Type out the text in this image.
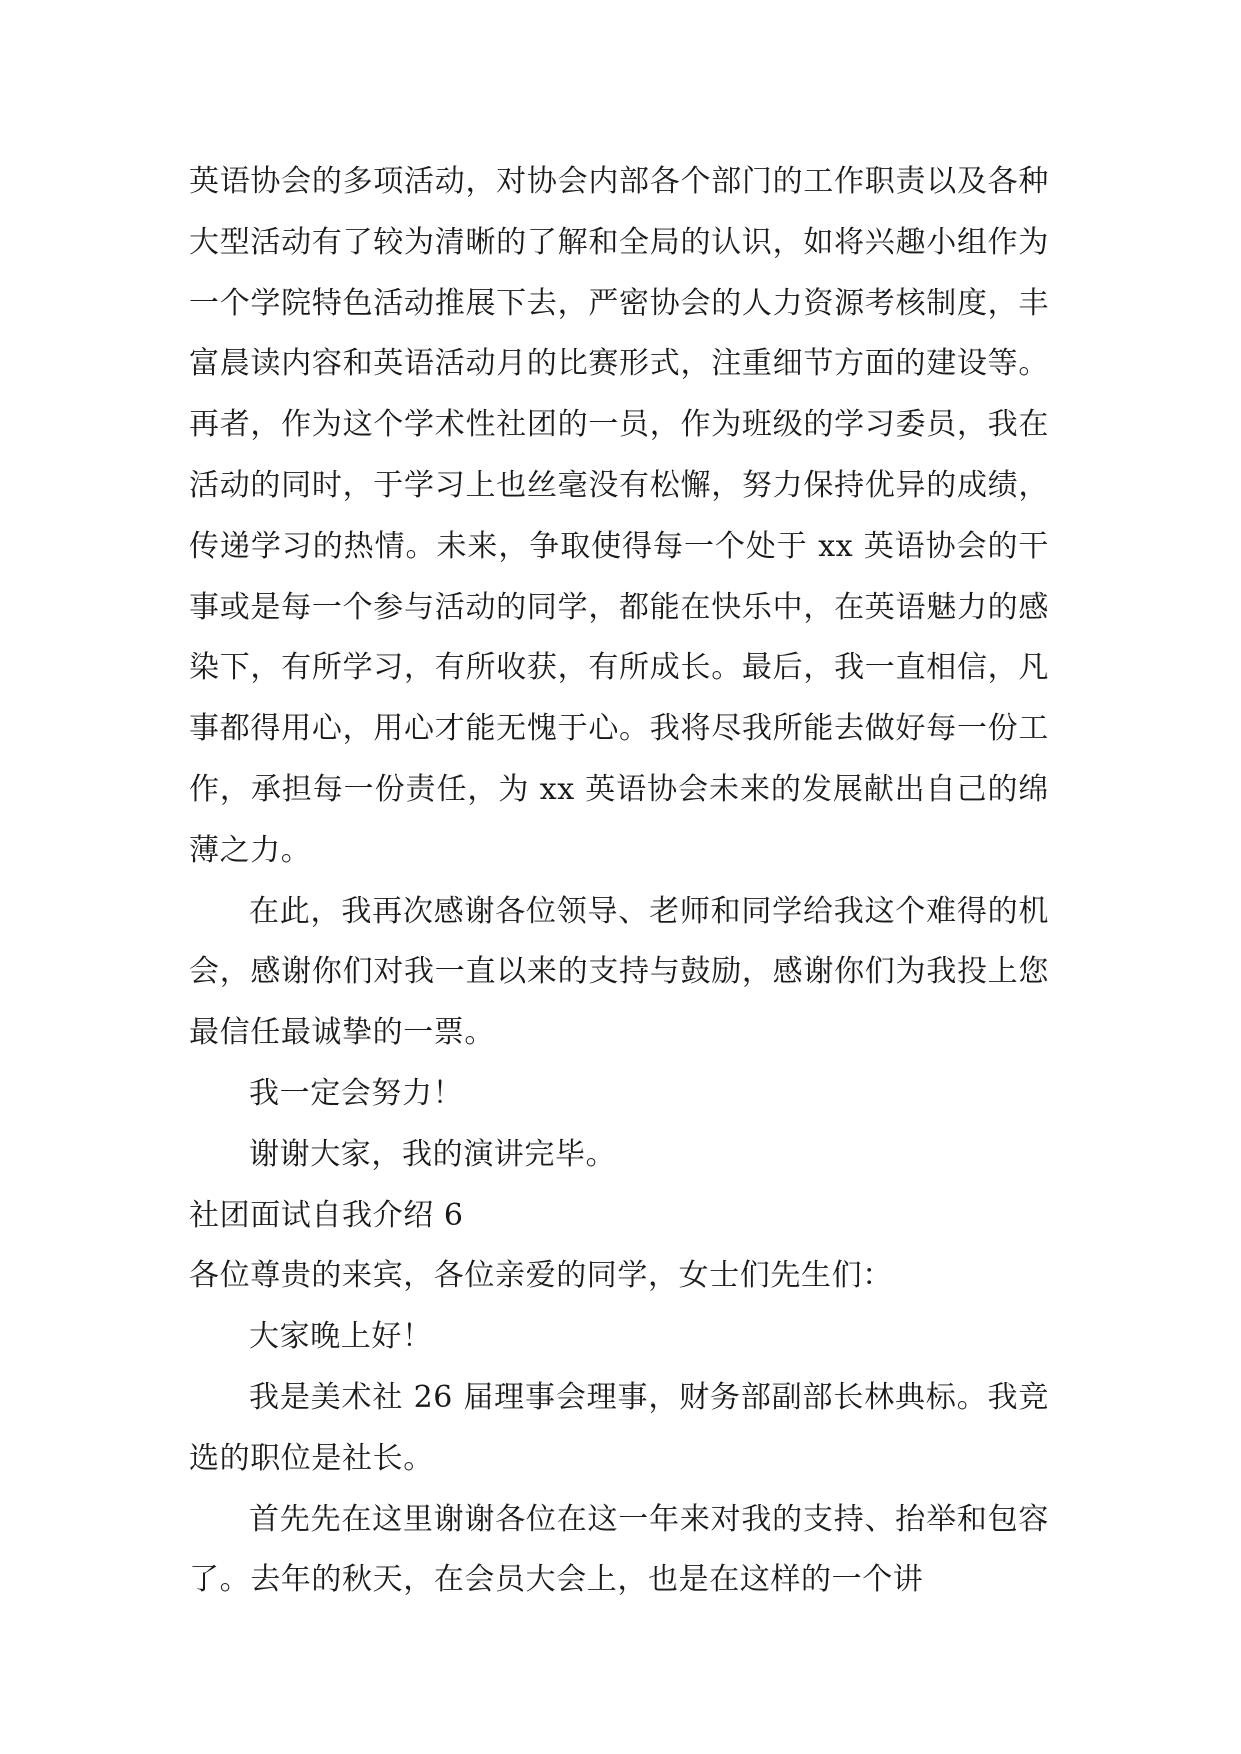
英语协会的多项活动，对协会内部各个部门的工作职责以及各种大型活动有了较为清晰的了解和全局的认识，如将兴趣小组作为一个学院特色活动推展下去，严密协会的人力资源考核制度，丰富晨读内容和英语活动月的比赛形式，注重细节方面的建设等。再者，作为这个学术性社团的一员，作为班级的学习委员，我在活动的同时，于学习上也丝毫没有松懈，努力保持优异的成绩，传递学习的热情。未来，争取使得每一个处于 xx 英语协会的干事或是每一个参与活动的同学，都能在快乐中，在英语魅力的感染下，有所学习，有所收获，有所成长。最后，我一直相信，凡事都得用心，用心才能无愧于心。我将尽我所能去做好每一份工作，承担每一份责任，为 xx 英语协会未来的发展献出自己的绵薄之力。

在此，我再次感谢各位领导、老师和同学给我这个难得的机会，感谢你们对我一直以来的支持与鼓励，感谢你们为我投上您最信任最诚挚的一票。

我一定会努力！

谢谢大家，我的演讲完毕。

社团面试自我介绍 6

各位尊贵的来宾，各位亲爱的同学，女士们先生们：

大家晚上好！

我是美术社 26 届理事会理事，财务部副部长林典标。我竞选的职位是社长。

首先先在这里谢谢各位在这一年来对我的支持、抬举和包容了。去年的秋天，在会员大会上，也是在这样的一个讲
